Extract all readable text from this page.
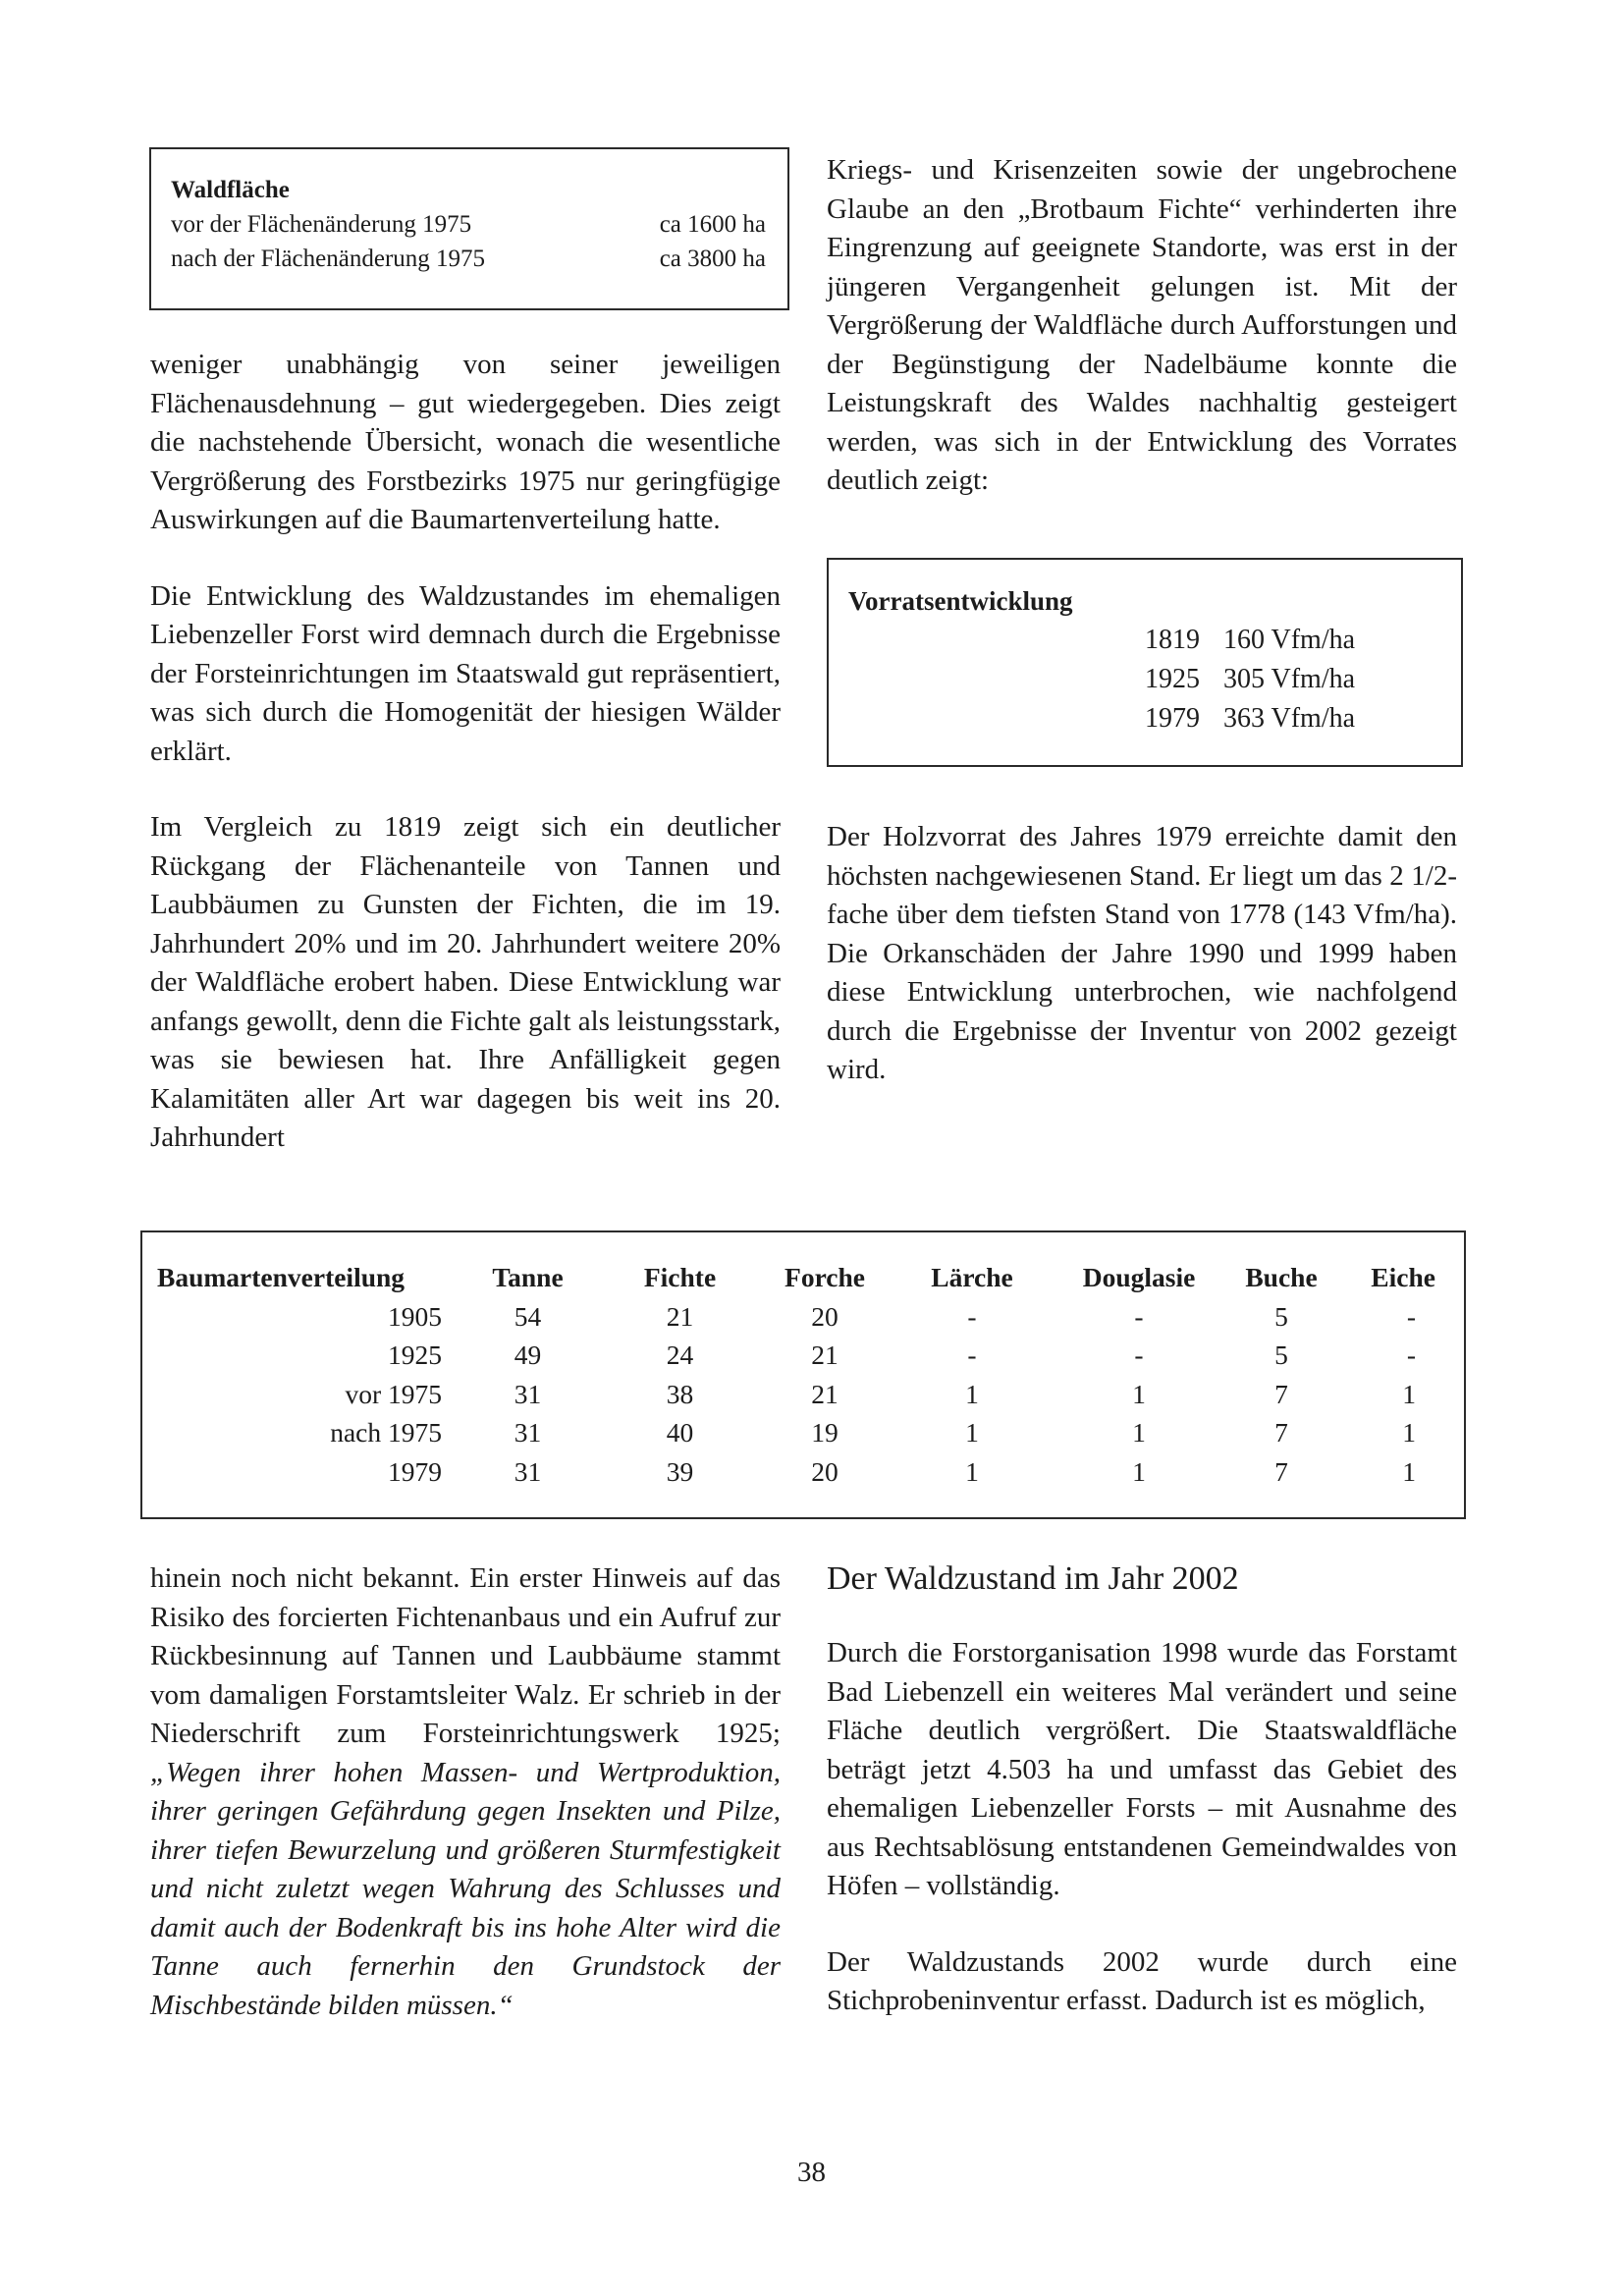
Waldfläche
vor der Flächenänderung 1975	ca 1600 ha
nach der Flächenänderung 1975	ca 3800 ha

weniger unabhängig von seiner jeweiligen Flächenausdehnung – gut wiedergegeben. Dies zeigt die nachstehende Übersicht, wonach die wesentliche Vergrößerung des Forstbezirks 1975 nur geringfügige Auswirkungen auf die Baumartenverteilung hatte.

Die Entwicklung des Waldzustandes im ehemaligen Liebenzeller Forst wird demnach durch die Ergebnisse der Forsteinrichtungen im Staatswald gut repräsentiert, was sich durch die Homogenität der hiesigen Wälder erklärt.

Im Vergleich zu 1819 zeigt sich ein deutlicher Rückgang der Flächenanteile von Tannen und Laubbäumen zu Gunsten der Fichten, die im 19. Jahrhundert 20% und im 20. Jahrhundert weitere 20% der Waldfläche erobert haben. Diese Entwicklung war anfangs gewollt, denn die Fichte galt als leistungsstark, was sie bewiesen hat. Ihre Anfälligkeit gegen Kalamitäten aller Art war dagegen bis weit ins 20. Jahrhundert

Kriegs- und Krisenzeiten sowie der ungebrochene Glaube an den „Brotbaum Fichte“ verhinderten ihre Eingrenzung auf geeignete Standorte, was erst in der jüngeren Vergangenheit gelungen ist. Mit der Vergrößerung der Waldfläche durch Aufforstungen und der Begünstigung der Nadelbäume konnte die Leistungskraft des Waldes nachhaltig gesteigert werden, was sich in der Entwicklung des Vorrates deutlich zeigt:

Vorratsentwicklung
1819 160 Vfm/ha
1925 305 Vfm/ha
1979 363 Vfm/ha

Der Holzvorrat des Jahres 1979 erreichte damit den höchsten nachgewiesenen Stand. Er liegt um das 2 1/2-fache über dem tiefsten Stand von 1778 (143 Vfm/ha). Die Orkanschäden der Jahre 1990 und 1999 haben diese Entwicklung unterbrochen, wie nachfolgend durch die Ergebnisse der Inventur von 2002 gezeigt wird.

Baumartenverteilung	Tanne	Fichte	Forche	Lärche	Douglasie	Buche	Eiche
1905	54	21	20	-	-	5	-
1925	49	24	21	-	-	5	-
vor 1975	31	38	21	1	1	7	1
nach 1975	31	40	19	1	1	7	1
1979	31	39	20	1	1	7	1

hinein noch nicht bekannt. Ein erster Hinweis auf das Risiko des forcierten Fichtenanbaus und ein Aufruf zur Rückbesinnung auf Tannen und Laubbäume stammt vom damaligen Forstamtsleiter Walz. Er schrieb in der Niederschrift zum Forsteinrichtungswerk 1925; „Wegen ihrer hohen Massen- und Wertproduktion, ihrer geringen Gefährdung gegen Insekten und Pilze, ihrer tiefen Bewurzelung und größeren Sturmfestigkeit und nicht zuletzt wegen Wahrung des Schlusses und damit auch der Bodenkraft bis ins hohe Alter wird die Tanne auch fernerhin den Grundstock der Mischbestände bilden müssen.“

Der Waldzustand im Jahr 2002

Durch die Forstorganisation 1998 wurde das Forstamt Bad Liebenzell ein weiteres Mal verändert und seine Fläche deutlich vergrößert. Die Staatswaldfläche beträgt jetzt 4.503 ha und umfasst das Gebiet des ehemaligen Liebenzeller Forsts – mit Ausnahme des aus Rechtsablösung entstandenen Gemeindwaldes von Höfen – vollständig.

Der Waldzustands 2002 wurde durch eine Stichprobeninventur erfasst. Dadurch ist es möglich,

38
